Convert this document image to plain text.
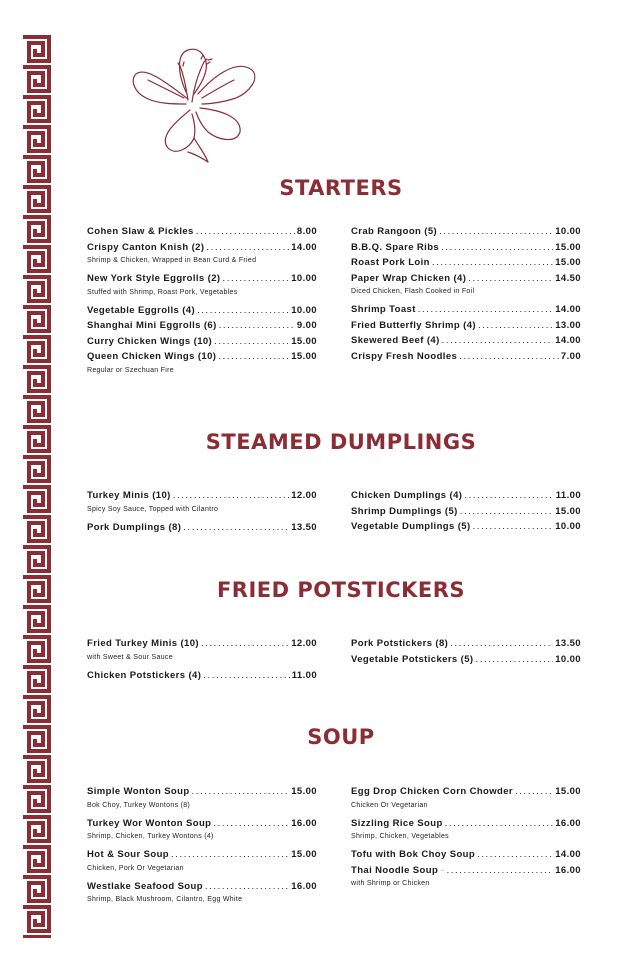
STARTERS
Cohen Slaw & Pickles .....	8.00
Crispy Canton Knish (2) .....	14.00
Shrimp & Chicken, Wrapped in Bean Curd & Fried
New York Style Eggrolls (2) .....	10.00
Stuffed with Shrimp, Roast Pork, Vegetables
Vegetable Eggrolls (4) .....	10.00
Shanghai Mini Eggrolls (6) .....	9.00
Curry Chicken Wings (10) .....	15.00
Queen Chicken Wings (10) .....	15.00
Regular or Szechuan Fire
Crab Rangoon (5) .....	10.00
B.B.Q. Spare Ribs .....	15.00
Roast Pork Loin .....	15.00
Paper Wrap Chicken (4) .....	14.50
Diced Chicken, Flash Cooked in Foil
Shrimp Toast .....	14.00
Fried Butterfly Shrimp (4) .....	13.00
Skewered Beef (4) .....	14.00
Crispy Fresh Noodles .....	7.00
STEAMED DUMPLINGS
Turkey Minis (10) .....	12.00
Spicy Soy Sauce, Topped with Cilantro
Pork Dumplings (8) .....	13.50
Chicken Dumplings (4) .....	11.00
Shrimp Dumplings (5) .....	15.00
Vegetable Dumplings (5) .....	10.00
FRIED POTSTICKERS
Fried Turkey Minis (10) .....	12.00
with Sweet & Sour Sauce
Chicken Potstickers (4) .....	11.00
Pork Potstickers (8) .....	13.50
Vegetable Potstickers (5) .....	10.00
SOUP
Simple Wonton Soup .....	15.00
Bok Choy, Turkey Wontons (8)
Turkey Wor Wonton Soup .....	16.00
Shrimp, Chicken, Turkey Wontons (4)
Hot & Sour Soup .....	15.00
Chicken, Pork Or Vegetarian
Westlake Seafood Soup .....	16.00
Shrimp, Black Mushroom, Cilantro, Egg White
Egg Drop Chicken Corn Chowder .....	15.00
Chicken Or Vegetarian
Sizzling Rice Soup .....	16.00
Shrimp, Chicken, Vegetables
Tofu with Bok Choy Soup .....	14.00
Thai Noodle Soup .....	16.00
with Shrimp or Chicken
